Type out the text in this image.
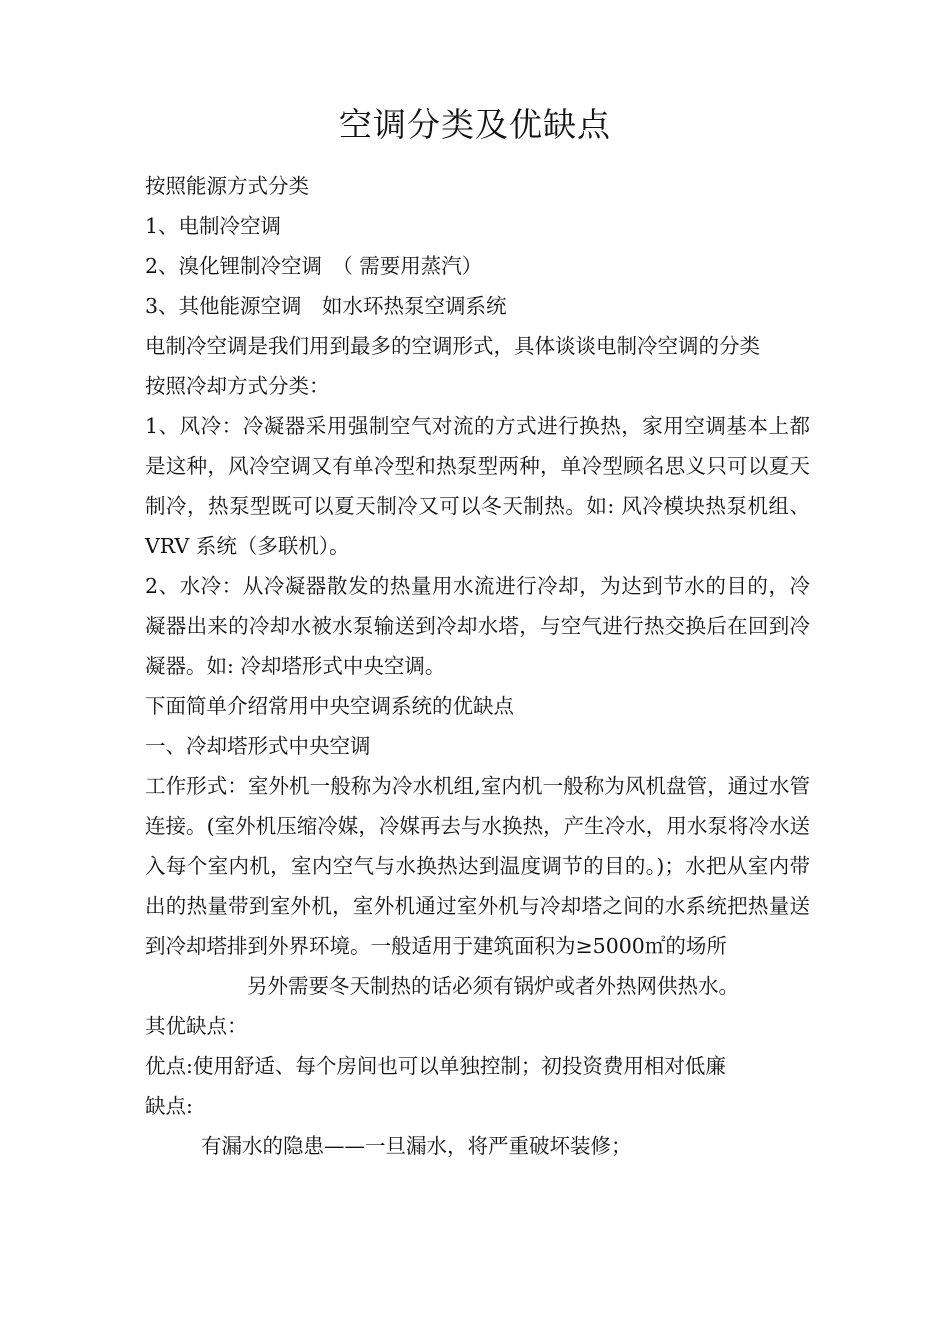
空调分类及优缺点

按照能源方式分类

1、电制冷空调

2、溴化锂制冷空调　（ 需要用蒸汽）

3、其他能源空调　如水环热泵空调系统

电制冷空调是我们用到最多的空调形式，具体谈谈电制冷空调的分类

按照冷却方式分类：

1、风冷：冷凝器采用强制空气对流的方式进行换热，家用空调基本上都是这种，风冷空调又有单冷型和热泵型两种，单冷型顾名思义只可以夏天制冷，热泵型既可以夏天制冷又可以冬天制热。如: 风冷模块热泵机组、VRV 系统（多联机）。

2、水冷：从冷凝器散发的热量用水流进行冷却，为达到节水的目的，冷凝器出来的冷却水被水泵输送到冷却水塔，与空气进行热交换后在回到冷凝器。如: 冷却塔形式中央空调。

下面简单介绍常用中央空调系统的优缺点

一、冷却塔形式中央空调

工作形式：室外机一般称为冷水机组,室内机一般称为风机盘管，通过水管连接。(室外机压缩冷媒，冷媒再去与水换热，产生冷水，用水泵将冷水送入每个室内机，室内空气与水换热达到温度调节的目的。)；水把从室内带出的热量带到室外机，室外机通过室外机与冷却塔之间的水系统把热量送到冷却塔排到外界环境。一般适用于建筑面积为≥5000㎡的场所

另外需要冬天制热的话必须有锅炉或者外热网供热水。

其优缺点：

优点:使用舒适、每个房间也可以单独控制；初投资费用相对低廉

缺点:

有漏水的隐患——一旦漏水，将严重破坏装修；
